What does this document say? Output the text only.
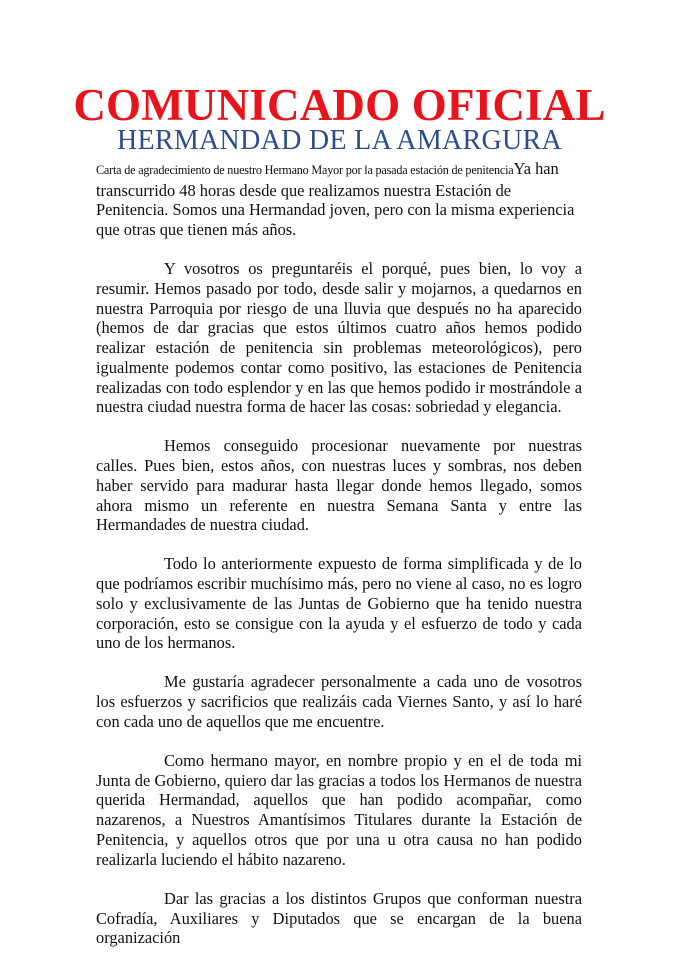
COMUNICADO OFICIAL
HERMANDAD DE LA AMARGURA

Carta de agradecimiento de nuestro Hermano Mayor por la pasada estación de penitenciaYa han transcurrido 48 horas desde que realizamos nuestra Estación de Penitencia. Somos una Hermandad joven, pero con la misma experiencia que otras que tienen más años.

Y vosotros os preguntaréis el porqué, pues bien, lo voy a resumir. Hemos pasado por todo, desde salir y mojarnos, a quedarnos en nuestra Parroquia por riesgo de una lluvia que después no ha aparecido (hemos de dar gracias que estos últimos cuatro años hemos podido realizar estación de penitencia sin problemas meteorológicos), pero igualmente podemos contar como positivo, las estaciones de Penitencia realizadas con todo esplendor y en las que hemos podido ir mostrándole a nuestra ciudad nuestra forma de hacer las cosas: sobriedad y elegancia.

Hemos conseguido procesionar nuevamente por nuestras calles. Pues bien, estos años, con nuestras luces y sombras, nos deben haber servido para madurar hasta llegar donde hemos llegado, somos ahora mismo un referente en nuestra Semana Santa y entre las Hermandades de nuestra ciudad.

Todo lo anteriormente expuesto de forma simplificada y de lo que podríamos escribir muchísimo más, pero no viene al caso, no es logro solo y exclusivamente de las Juntas de Gobierno que ha tenido nuestra corporación, esto se consigue con la ayuda y el esfuerzo de todo y cada uno de los hermanos.

Me gustaría agradecer personalmente a cada uno de vosotros los esfuerzos y sacrificios que realizáis cada Viernes Santo, y así lo haré con cada uno de aquellos que me encuentre.

Como hermano mayor, en nombre propio y en el de toda mi Junta de Gobierno, quiero dar las gracias a todos los Hermanos de nuestra querida Hermandad, aquellos que han podido acompañar, como nazarenos, a Nuestros Amantísimos Titulares durante la Estación de Penitencia, y aquellos otros que por una u otra causa no han podido realizarla luciendo el hábito nazareno.

Dar las gracias a los distintos Grupos que conforman nuestra Cofradía, Auxiliares y Diputados que se encargan de la buena organización
